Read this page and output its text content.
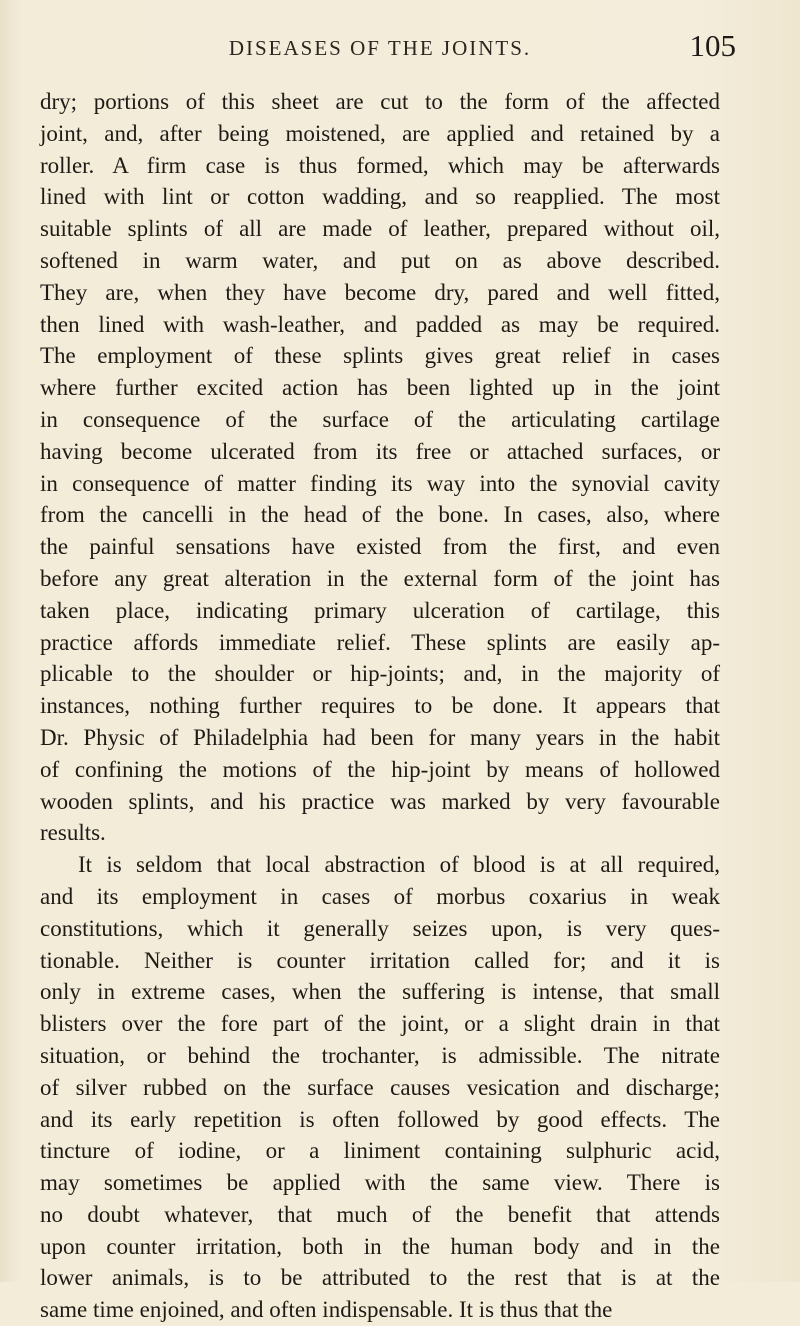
DISEASES OF THE JOINTS.	105
dry; portions of this sheet are cut to the form of the affected
joint, and, after being moistened, are applied and retained by a
roller. A firm case is thus formed, which may be afterwards
lined with lint or cotton wadding, and so reapplied. The most
suitable splints of all are made of leather, prepared without oil,
softened in warm water, and put on as above described.
They are, when they have become dry, pared and well fitted,
then lined with wash-leather, and padded as may be required.
The employment of these splints gives great relief in cases
where further excited action has been lighted up in the joint
in consequence of the surface of the articulating cartilage
having become ulcerated from its free or attached surfaces, or
in consequence of matter finding its way into the synovial cavity
from the cancelli in the head of the bone. In cases, also, where
the painful sensations have existed from the first, and even
before any great alteration in the external form of the joint has
taken place, indicating primary ulceration of cartilage, this
practice affords immediate relief. These splints are easily ap-
plicable to the shoulder or hip-joints; and, in the majority of
instances, nothing further requires to be done. It appears that
Dr. Physic of Philadelphia had been for many years in the habit
of confining the motions of the hip-joint by means of hollowed
wooden splints, and his practice was marked by very favourable
results.
It is seldom that local abstraction of blood is at all required,
and its employment in cases of morbus coxarius in weak
constitutions, which it generally seizes upon, is very ques-
tionable. Neither is counter irritation called for; and it is
only in extreme cases, when the suffering is intense, that small
blisters over the fore part of the joint, or a slight drain in that
situation, or behind the trochanter, is admissible. The nitrate
of silver rubbed on the surface causes vesication and discharge;
and its early repetition is often followed by good effects. The
tincture of iodine, or a liniment containing sulphuric acid,
may sometimes be applied with the same view. There is
no doubt whatever, that much of the benefit that attends
upon counter irritation, both in the human body and in the
lower animals, is to be attributed to the rest that is at the
same time enjoined, and often indispensable. It is thus that the
